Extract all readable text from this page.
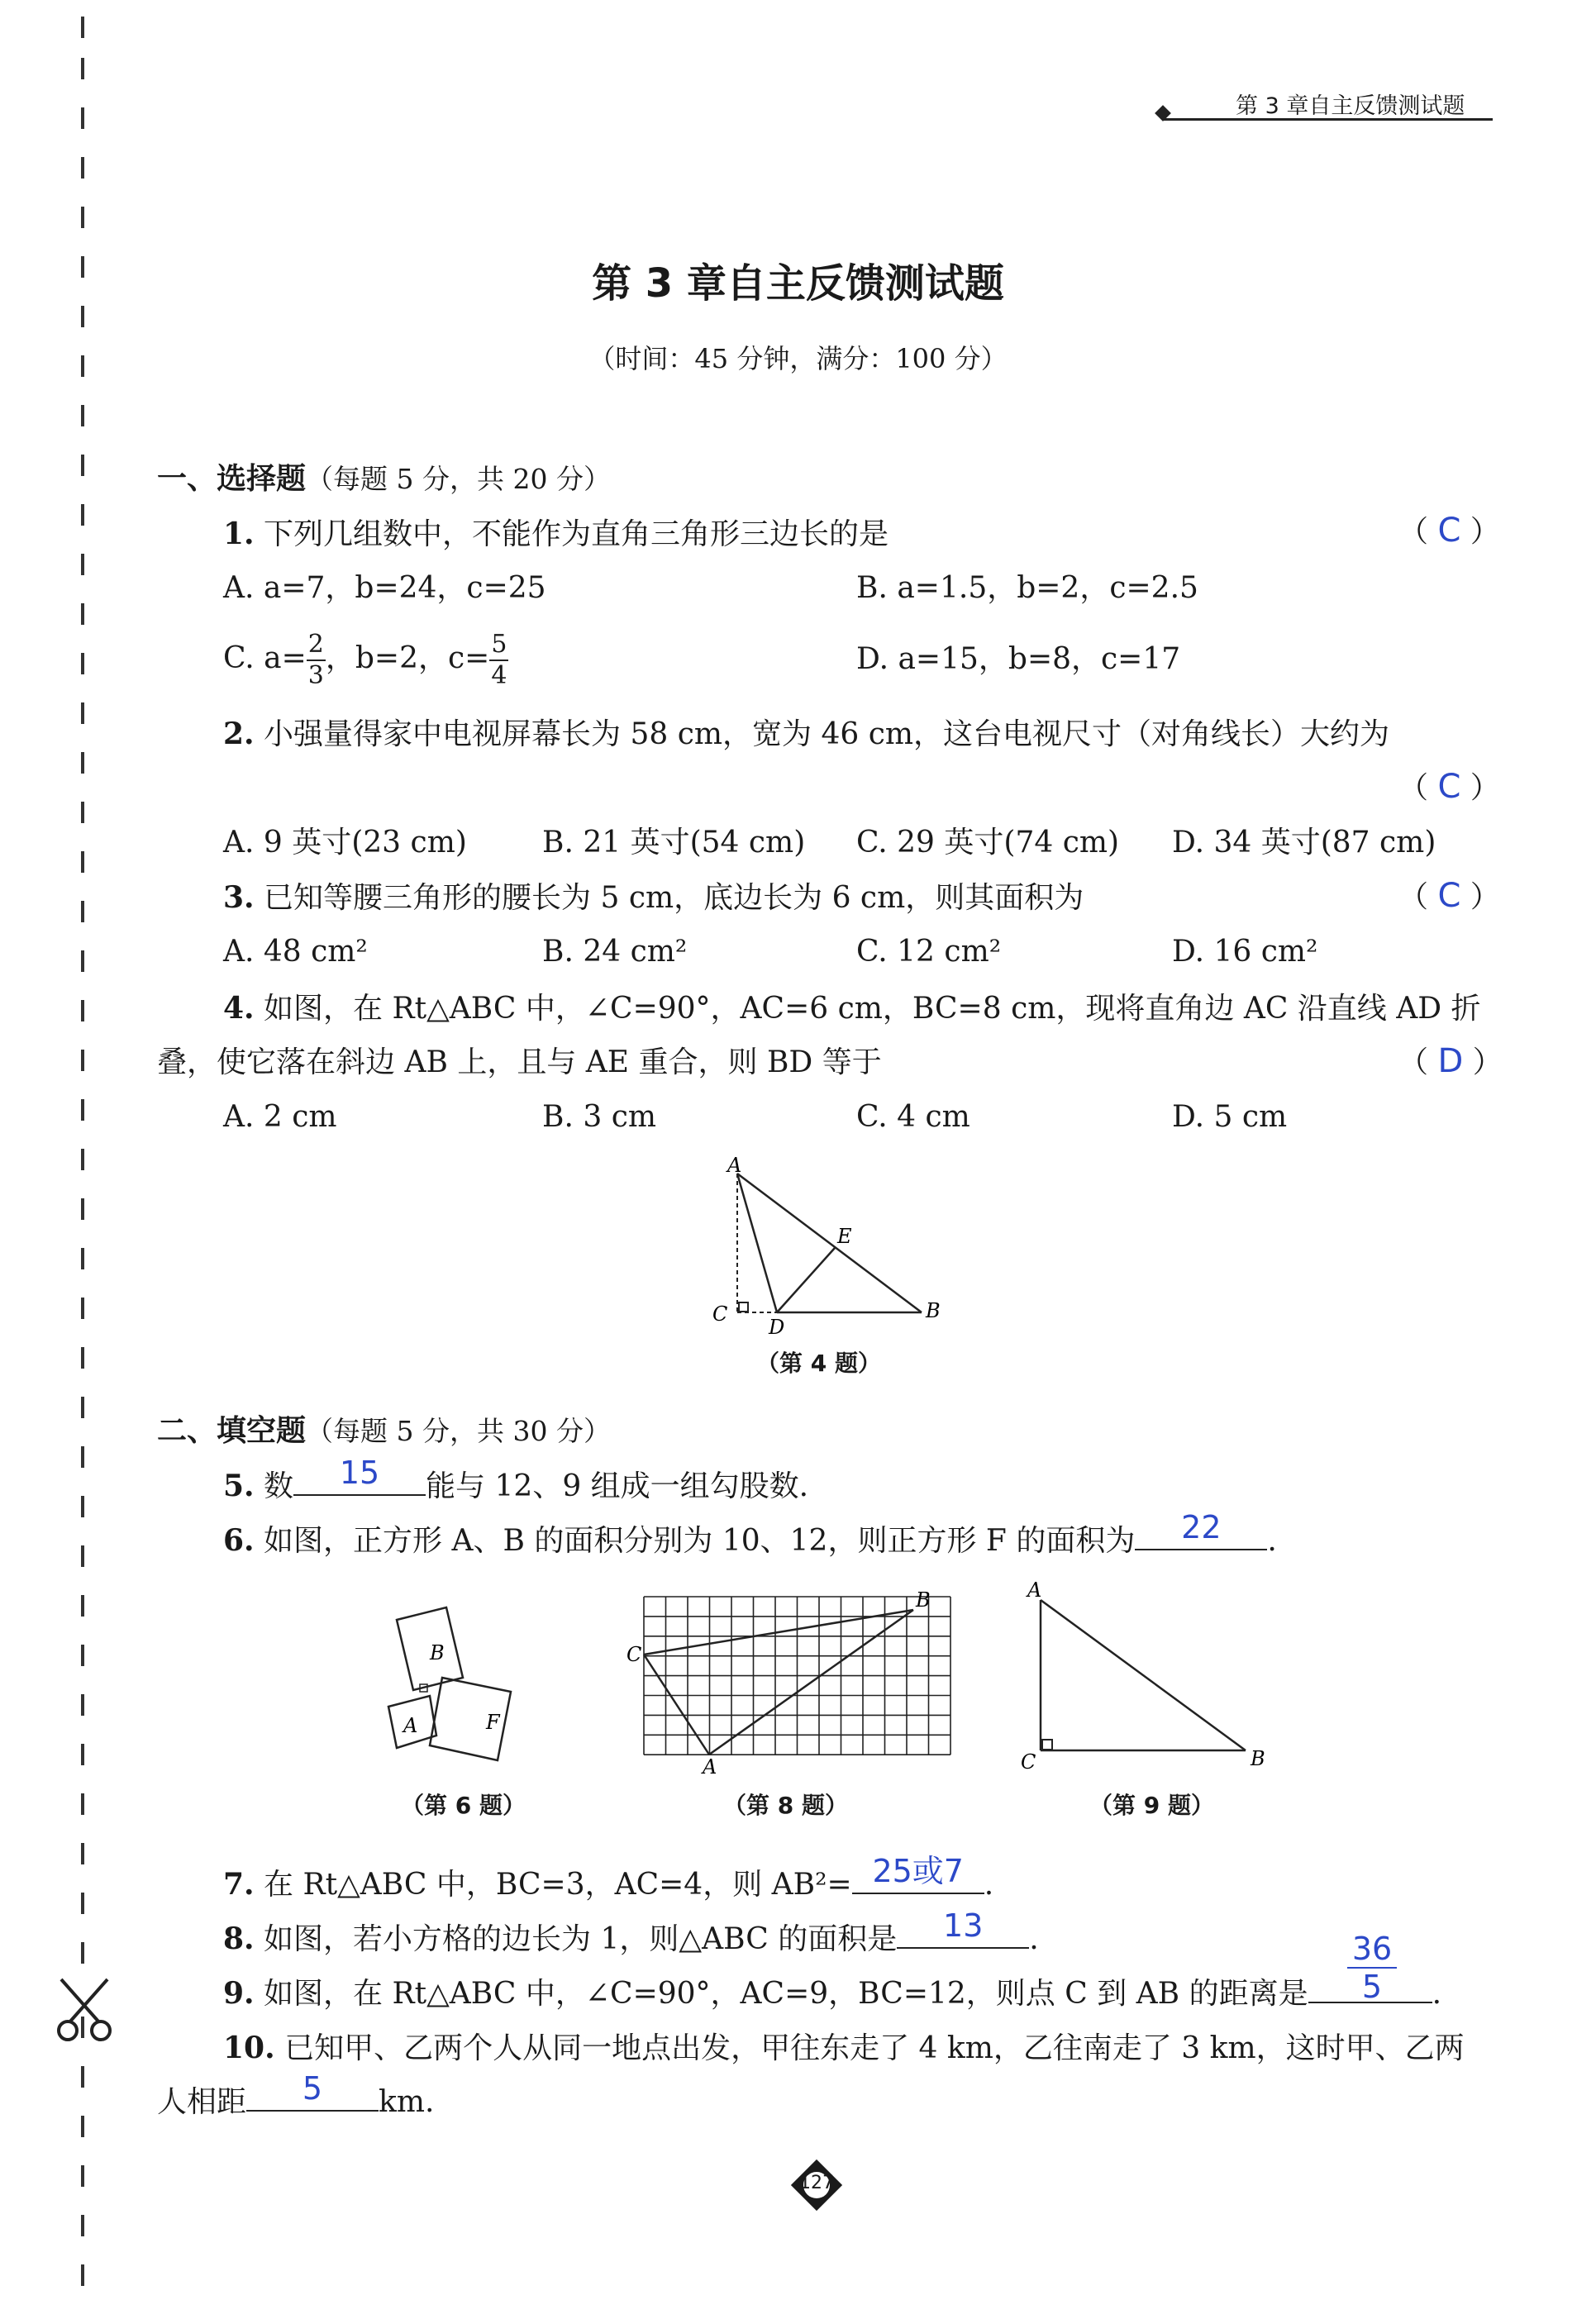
第 3 章自主反馈测试题
第 3 章自主反馈测试题
（时间：45 分钟，满分：100 分）
一、选择题（每题 5 分，共 20 分）
1. 下列几组数中，不能作为直角三角形三边长的是	（ C ）
A. a=7，b=24，c=25	B. a=1.5，b=2，c=2.5
C. $a= \frac{2}{3}$ ，b=2，$c= \frac{5}{4}$	D. a=15，b=8，c=17
2. 小强量得家中电视屏幕长为 58 cm，宽为 46 cm，这台电视尺寸（对角线长）大约为
（ C ）
A. 9 英寸(23 cm)	B. 21 英寸(54 cm) C. 29 英寸(74 cm) D. 34 英寸(87 cm)
3. 已知等腰三角形的腰长为 5 cm，底边长为 6 cm，则其面积为	（ C ）
A. 48 cm²	B. 24 cm²	C. 12 cm²	D. 16 cm²
4. 如图，在 Rt△ABC 中，∠C=90°，AC=6 cm，BC=8 cm，现将直角边 AC 沿直线 AD 折
叠，使它落在斜边 AB 上，且与 AE 重合，则 BD 等于	（ D ）
A. 2 cm	B. 3 cm	C. 4 cm	D. 5 cm
A
E
C
D
B
（第 4 题）
二、填空题（每题 5 分，共 30 分）
5. 数	15	能与 12、9 组成一组勾股数.
6. 如图，正方形 A、B 的面积分别为 10、12，则正方形 F 的面积为	22	.
B
A	F
（第 6 题）
C
B
A
（第 8 题）
A
C	B
（第 9 题）
7. 在 Rt△ABC 中，BC=3，AC=4，则 AB²= 25或7 .
8. 如图，若小方格的边长为 1，则△ABC 的面积是	13	.
9. 如图，在 Rt△ABC 中，∠C=90°，AC=9，BC=12，则点 C 到 AB 的距离是	.
$\frac{36}{5}$
10. 已知甲、乙两个人从同一地点出发，甲往东走了 4 km，乙往南走了 3 km，这时甲、乙两
人相距	5	km.
127
